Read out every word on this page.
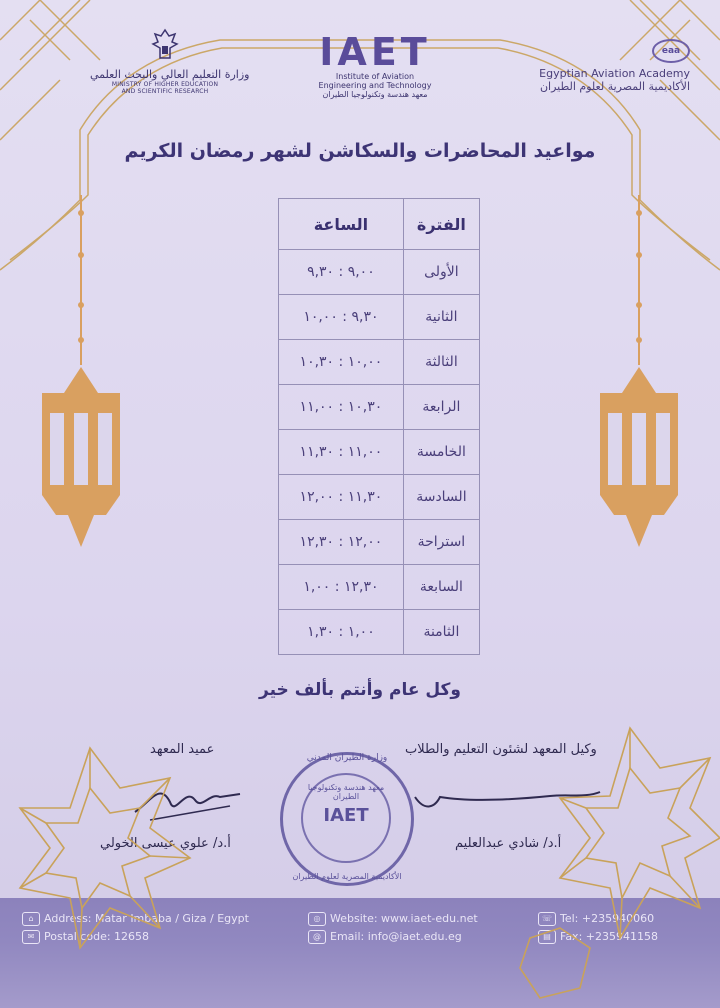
وزارة التعليم العالي والبحث العلمي
MINISTRY OF HIGHER EDUCATION
AND SCIENTIFIC RESEARCH
IAET
Institute of Aviation
Engineering and Technology
معهد هندسة وتكنولوجيا الطيران
eaa
Egyptian Aviation Academy
الأكاديمية المصرية لعلوم الطيران
مواعيد المحاضرات والسكاشن لشهر رمضان الكريم
الفترة	الساعة
الأولى	٩,٠٠ : ٩,٣٠
الثانية	٩,٣٠ : ١٠,٠٠
الثالثة	١٠,٠٠ : ١٠,٣٠
الرابعة	١٠,٣٠ : ١١,٠٠
الخامسة	١١,٠٠ : ١١,٣٠
السادسة	١١,٣٠ : ١٢,٠٠
استراحة	١٢,٠٠ : ١٢,٣٠
السابعة	١٢,٣٠ : ١,٠٠
الثامنة	١,٠٠ : ١,٣٠
وكل عام وأنتم بألف خير
عميد المعهد	وكيل المعهد لشئون التعليم والطلاب
أ.د/ علوي عيسى الخولي	أ.د/ شادي عبدالعليم
وزارة الطيران المدني
معهد هندسة وتكنولوجيا الطيران
IAET
الأكاديمية المصرية لعلوم الطيران
⌂ Address: Matar Imbaba / Giza / Egypt
✉ Postal code: 12658
◎ Website: www.iaet-edu.net
@ Email: info@iaet.edu.eg
☏ Tel: +235940060
▤ Fax: +235941158
